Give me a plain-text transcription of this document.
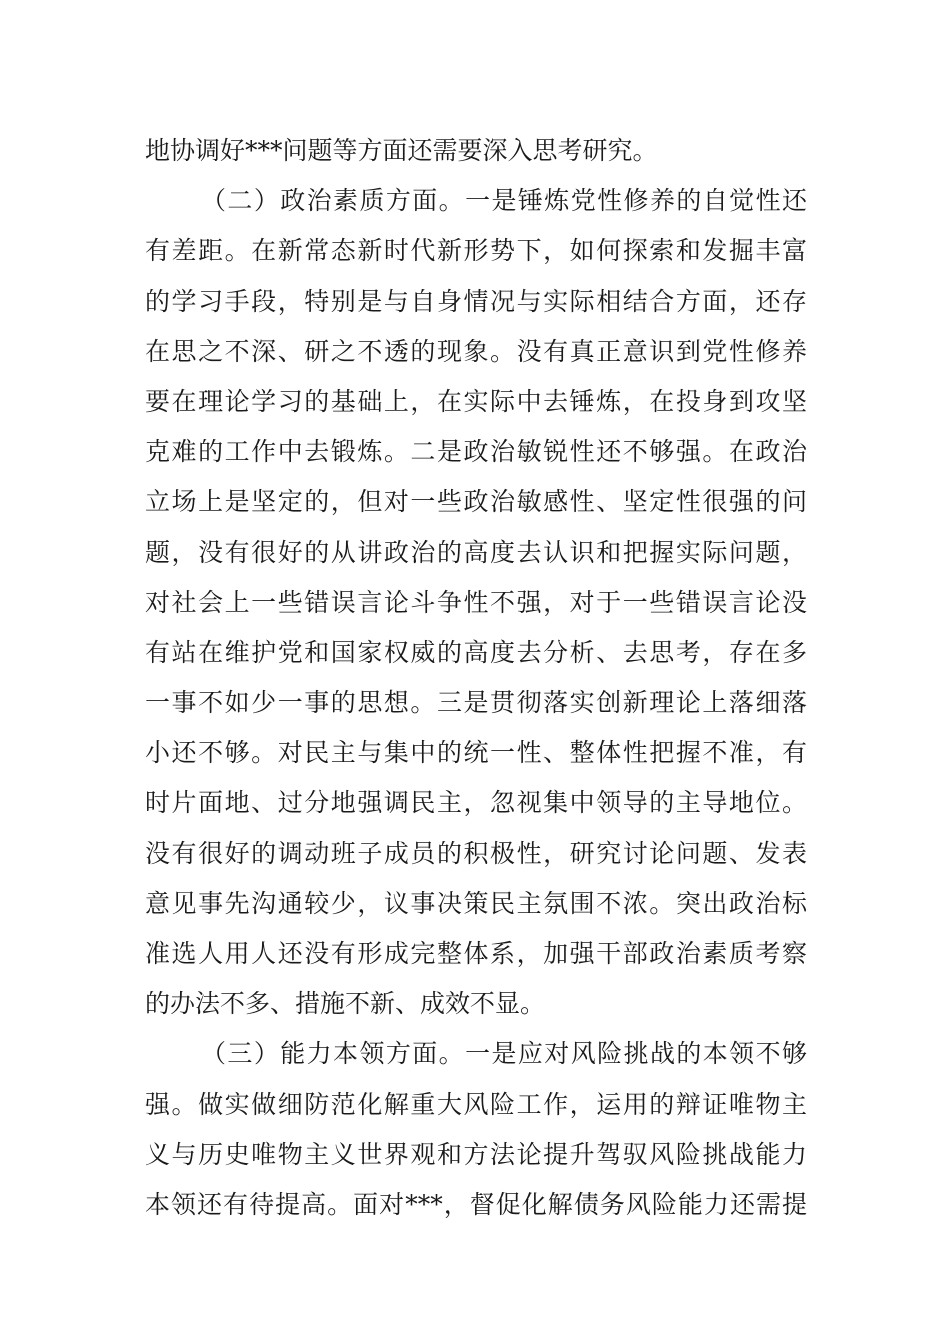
地协调好***问题等方面还需要深入思考研究。
（二）政治素质方面。一是锤炼党性修养的自觉性还
有差距。在新常态新时代新形势下，如何探索和发掘丰富
的学习手段，特别是与自身情况与实际相结合方面，还存
在思之不深、研之不透的现象。没有真正意识到党性修养
要在理论学习的基础上，在实际中去锤炼，在投身到攻坚
克难的工作中去锻炼。二是政治敏锐性还不够强。在政治
立场上是坚定的，但对一些政治敏感性、坚定性很强的问
题，没有很好的从讲政治的高度去认识和把握实际问题，
对社会上一些错误言论斗争性不强，对于一些错误言论没
有站在维护党和国家权威的高度去分析、去思考，存在多
一事不如少一事的思想。三是贯彻落实创新理论上落细落
小还不够。对民主与集中的统一性、整体性把握不准，有
时片面地、过分地强调民主，忽视集中领导的主导地位。
没有很好的调动班子成员的积极性，研究讨论问题、发表
意见事先沟通较少，议事决策民主氛围不浓。突出政治标
准选人用人还没有形成完整体系，加强干部政治素质考察
的办法不多、措施不新、成效不显。
（三）能力本领方面。一是应对风险挑战的本领不够
强。做实做细防范化解重大风险工作，运用的辩证唯物主
义与历史唯物主义世界观和方法论提升驾驭风险挑战能力
本领还有待提高。面对***，督促化解债务风险能力还需提
